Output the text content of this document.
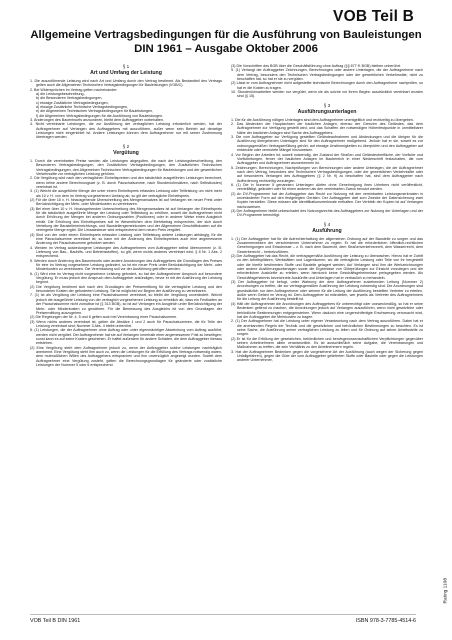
VOB Teil B
Allgemeine Vertragsbedingungen für die Ausführung von Bauleistungen
DIN 1961 – Ausgabe Oktober 2006
§ 1
Art und Umfang der Leistung

1. Die auszuführende Leistung wird nach Art und Umfang durch den Vertrag bestimmt. Als Bestandteil des Vertrags gelten auch die Allgemeinen Technischen Vertragsbedingungen für Bauleistungen (VOB/C).

2. Bei Widersprüchen im Vertrag gelten nacheinander:

a) die Leistungsbeschreibung,

b) die Besonderen Vertragsbedingungen,

c) etwaige Zusätzliche Vertragsbedingungen,

d) etwaige Zusätzliche Technische Vertragsbedingungen,

e) die Allgemeinen Technischen Vertragsbedingungen für Bauleistungen,

f) die Allgemeinen Vertragsbedingungen für die Ausführung von Bauleistungen.

3. Änderungen des Bauentwurfs anzuordnen, bleibt dem Auftraggeber vorbehalten.

4. Nicht vereinbarte Leistungen, die zur Ausführung der vertraglichen Leistung erforderlich werden, hat der Auftragnehmer auf Verlangen des Auftraggebers mit auszuführen, außer wenn sein Betrieb auf derartige Leistungen nicht eingerichtet ist. Andere Leistungen können dem Auftragnehmer nur mit seiner Zustimmung übertragen werden.

§ 2
Vergütung

1. Durch die vereinbarten Preise werden alle Leistungen abgegolten, die nach der Leistungsbeschreibung, den Besonderen Vertragsbedingungen, den Zusätzlichen Vertragsbedingungen, den Zusätzlichen Technischen Vertragsbedingungen, den Allgemeinen Technischen Vertragsbedingungen für Bauleistungen und der gewerblichen Verkehrssitte zur vertraglichen Leistung gehören.

2. Die Vergütung wird nach den vertraglichen Einheitspreisen und den tatsächlich ausgeführten Leistungen berechnet, wenn keine andere Berechnungsart (z. B. durch Pauschalsumme, nach Stundenlohnsätzen, nach Selbstkosten) vereinbart ist.

3. (1) Weicht die ausgeführte Menge der unter einem Einheitspreis erfassten Leistung oder Teilleistung um nicht mehr als 10 v. H. von dem im Vertrag vorgesehenen Umfang ab, so gilt der vertragliche Einheitspreis.

(2) Für die über 10 v. H. hinausgehende Überschreitung des Mengenansatzes ist auf Verlangen ein neuer Preis unter Berücksichtigung der Mehr- oder Minderkosten zu vereinbaren.

(3) Bei einer über 10 v. H. hinausgehenden Unterschreitung des Mengenansatzes ist auf Verlangen der Einheitspreis für die tatsächlich ausgeführte Menge der Leistung oder Teilleistung zu erhöhen, soweit der Auftragnehmer nicht durch Erhöhung der Mengen bei anderen Ordnungszahlen (Positionen) oder in anderer Weise einen Ausgleich erhält. Die Erhöhung des Einheitspreises soll im Wesentlichen dem Mehrbetrag entsprechen, der sich durch Verteilung der Baustelleneinrichtungs- und Baustellengemeinkosten und der Allgemeinen Geschäftskosten auf die verringerte Menge ergibt. Die Umsatzsteuer wird entsprechend dem neuen Preis vergütet.

(4) Sind von der unter einem Einheitspreis erfassten Leistung oder Teilleistung andere Leistungen abhängig, für die eine Pauschalsumme vereinbart ist, so kann mit der Änderung des Einheitspreises auch eine angemessene Änderung der Pauschalsumme gefordert werden.

4. Werden im Vertrag ausbedungene Leistungen des Auftragnehmers vom Auftraggeber selbst übernommen (z. B. Lieferung von Bau-, Bauhilfs- und Betriebsstoffen), so gilt, wenn nichts anderes vereinbart wird, § 8 Nr. 1 Abs. 2 entsprechend.

5. Werden durch Änderung des Bauentwurfs oder andere Anordnungen des Auftraggebers die Grundlagen des Preises für eine im Vertrag vorgesehene Leistung geändert, so ist ein neuer Preis unter Berücksichtigung der Mehr- oder Minderkosten zu vereinbaren. Die Vereinbarung soll vor der Ausführung getroffen werden.

6. (1) Wird eine im Vertrag nicht vorgesehene Leistung gefordert, so hat der Auftragnehmer Anspruch auf besondere Vergütung. Er muss jedoch den Anspruch dem Auftraggeber ankündigen, bevor er mit der Ausführung der Leistung beginnt.

(2) Die Vergütung bestimmt sich nach den Grundlagen der Preisermittlung für die vertragliche Leistung und den besonderen Kosten der geforderten Leistung. Sie ist möglichst vor Beginn der Ausführung zu vereinbaren.

7. (1) Ist als Vergütung der Leistung eine Pauschalsumme vereinbart, so bleibt die Vergütung unverändert. Weicht jedoch die ausgeführte Leistung von der vertraglich vorgesehenen Leistung so erheblich ab, dass ein Festhalten an der Pauschalsumme nicht zumutbar ist (§ 313 BGB), so ist auf Verlangen ein Ausgleich unter Berücksichtigung der Mehr- oder Minderkosten zu gewähren. Für die Bemessung des Ausgleichs ist von den Grundlagen der Preisermittlung auszugehen.

(2) Die Regelungen der Nr. 4, 5 und 6 gelten auch bei Vereinbarung einer Pauschalsumme.

(3) Wenn nichts anderes vereinbart ist, gelten die Absätze 1 und 2 auch für Pauschalsummen, die für Teile der Leistung vereinbart sind; Nummer 3 Abs. 4 bleibt unberührt.

8. (1) Leistungen, die der Auftragnehmer ohne Auftrag oder unter eigenmächtiger Abweichung vom Auftrag ausführt, werden nicht vergütet. Der Auftragnehmer hat sie auf Verlangen innerhalb einer angemessenen Frist zu beseitigen; sonst kann es auf seine Kosten geschehen. Er haftet außerdem für andere Schäden, die dem Auftraggeber hieraus entstehen.

(2) Eine Vergütung steht dem Auftragnehmer jedoch zu, wenn der Auftraggeber solche Leistungen nachträglich anerkennt. Eine Vergütung steht ihm auch zu, wenn die Leistungen für die Erfüllung des Vertrags notwendig waren, dem mutmaßlichen Willen des Auftraggebers entsprachen und ihm unverzüglich angezeigt wurden. Soweit dem Auftragnehmer eine Vergütung zusteht, gelten die Berechnungsgrundlagen für geänderte oder zusätzliche Leistungen der Nummer 5 oder 6 entsprechend.

(3) Die Vorschriften des BGB über die Geschäftsführung ohne Auftrag (§§ 677 ff. BGB) bleiben unberührt.

9. (1) Verlangt der Auftraggeber Zeichnungen, Berechnungen oder andere Unterlagen, die der Auftragnehmer nach dem Vertrag, besonders den Technischen Vertragsbedingungen oder der gewerblichen Verkehrssitte, nicht zu beschaffen hat, so hat er sie zu vergüten.

(2) Lässt er vom Auftragnehmer nicht aufgestellte technische Berechnungen durch den Auftragnehmer nachprüfen, so hat er die Kosten zu tragen.

10. Stundenlohnarbeiten werden nur vergütet, wenn sie als solche vor ihrem Beginn ausdrücklich vereinbart worden sind (§ 15).

§ 3
Ausführungsunterlagen

1. Die für die Ausführung nötigen Unterlagen sind dem Auftragnehmer unentgeltlich und rechtzeitig zu übergeben.

2. Das Abstecken der Hauptachsen der baulichen Anlagen, ebenso der Grenzen des Geländes, das dem Auftragnehmer zur Verfügung gestellt wird, und das Schaffen der notwendigen Höhenfestpunkte in unmittelbarer Nähe der baulichen Anlagen sind Sache des Auftraggebers.

3. Die vom Auftraggeber zur Verfügung gestellten Geländeaufnahmen und Absteckungen und die übrigen für die Ausführung übergebenen Unterlagen sind für den Auftragnehmer maßgebend. Jedoch hat er sie, soweit es zur ordnungsgemäßen Vertragserfüllung gehört, auf etwaige Unstimmigkeiten zu überprüfen und den Auftraggeber auf entdeckte oder vermutete Mängel hinzuweisen.

4. Vor Beginn der Arbeiten ist, soweit notwendig, der Zustand der Straßen und Geländeoberfläche, der Vorfluter und Vorflutleitungen, ferner der baulichen Anlagen im Baubereich in einer Niederschrift festzuhalten, die vom Auftraggeber und Auftragnehmer anzuerkennen ist.

5. Zeichnungen, Berechnungen, Nachprüfungen von Berechnungen oder andere Unterlagen, die der Auftragnehmer nach dem Vertrag, besonders den Technischen Vertragsbedingungen, oder der gewerblichen Verkehrssitte oder auf besonderes Verlangen des Auftraggebers (§ 2 Nr. 9) zu beschaffen hat, sind dem Auftraggeber nach Aufforderung rechtzeitig vorzulegen.

6. (1) Die in Nummer 5 genannten Unterlagen dürfen ohne Genehmigung ihres Urhebers nicht veröffentlicht, vervielfältigt, geändert oder für einen anderen als den vereinbarten Zweck benutzt werden.

(2) An DV-Programmen hat der Auftraggeber das Recht zur Nutzung mit den vereinbarten Leistungsmerkmalen in unveränderter Form auf den festgelegten Geräten. Der Auftraggeber darf zum Zwecke der Datensicherung zwei Kopien herstellen. Diese müssen alle Identifikationsmerkmale enthalten. Der Verbleib der Kopien ist auf Verlangen nachzuweisen.

(3) Der Auftragnehmer bleibt unbeschadet des Nutzungsrechts des Auftraggebers zur Nutzung der Unterlagen und der DV-Programme berechtigt.

§ 4
Ausführung

1. (1) Der Auftraggeber hat für die Aufrechterhaltung der allgemeinen Ordnung auf der Baustelle zu sorgen und das Zusammenwirken der verschiedenen Unternehmer zu regeln. Er hat die erforderlichen öffentlich-rechtlichen Genehmigungen und Erlaubnisse – z. B. nach dem Baurecht, dem Straßenverkehrsrecht, dem Wasserrecht, dem Gewerberecht – herbeizuführen.

(2) Der Auftraggeber hat das Recht, die vertragsgemäße Ausführung der Leistung zu überwachen. Hierzu hat er Zutritt zu den Arbeitsplätzen, Werkstätten und Lagerräumen, wo die vertragliche Leistung oder Teile von ihr hergestellt oder die hierfür bestimmten Stoffe und Bauteile gelagert werden. Auf Verlangen sind ihm die Werkzeichnungen oder andere Ausführungsunterlagen sowie die Ergebnisse von Güteprüfungen zur Einsicht vorzulegen und die erforderlichen Auskünfte zu erteilen, wenn hierdurch keine Geschäftsgeheimnisse preisgegeben werden. Als Geschäftsgeheimnis bezeichnete Auskünfte und Unterlagen hat er vertraulich zu behandeln.

(3) Der Auftraggeber ist befugt, unter Wahrung der dem Auftragnehmer zustehenden Leitung (Nummer 2) Anordnungen zu treffen, die zur vertragsgemäßen Ausführung der Leistung notwendig sind. Die Anordnungen sind grundsätzlich nur dem Auftragnehmer oder seinem für die Leitung der Ausführung bestellten Vertreter zu erteilen, außer wenn Gefahr im Verzug ist. Dem Auftraggeber ist mitzuteilen, wer jeweils als Vertreter des Auftragnehmers für die Leitung der Ausführung bestellt ist.

(4) Hält der Auftragnehmer die Anordnungen des Auftraggebers für unberechtigt oder unzweckmäßig, so hat er seine Bedenken geltend zu machen, die Anordnungen jedoch auf Verlangen auszuführen, wenn nicht gesetzliche oder behördliche Bestimmungen entgegenstehen. Wenn dadurch eine ungerechtfertigte Erschwerung verursacht wird, hat der Auftraggeber die Mehrkosten zu tragen.

2. (1) Der Auftragnehmer hat die Leistung unter eigener Verantwortung nach dem Vertrag auszuführen. Dabei hat er die anerkannten Regeln der Technik und die gesetzlichen und behördlichen Bestimmungen zu beachten. Es ist seine Sache, die Ausführung seiner vertraglichen Leistung zu leiten und für Ordnung auf seiner Arbeitsstelle zu sorgen.

(2) Er ist für die Erfüllung der gesetzlichen, behördlichen und berufsgenossenschaftlichen Verpflichtungen gegenüber seinen Arbeitnehmern allein verantwortlich. Es ist ausschließlich seine Aufgabe, die Vereinbarungen und Maßnahmen zu treffen, die sein Verhältnis zu den Arbeitnehmern regeln.

3. Hat der Auftragnehmer Bedenken gegen die vorgesehene Art der Ausführung (auch wegen der Sicherung gegen Unfallgefahren), gegen die Güte der vom Auftraggeber gelieferten Stoffe oder Bauteile oder gegen die Leistungen anderer Unternehmer,

VOB Teil B DIN 1961	ISBN 978-3-7785-4514-6
Rating 1108
